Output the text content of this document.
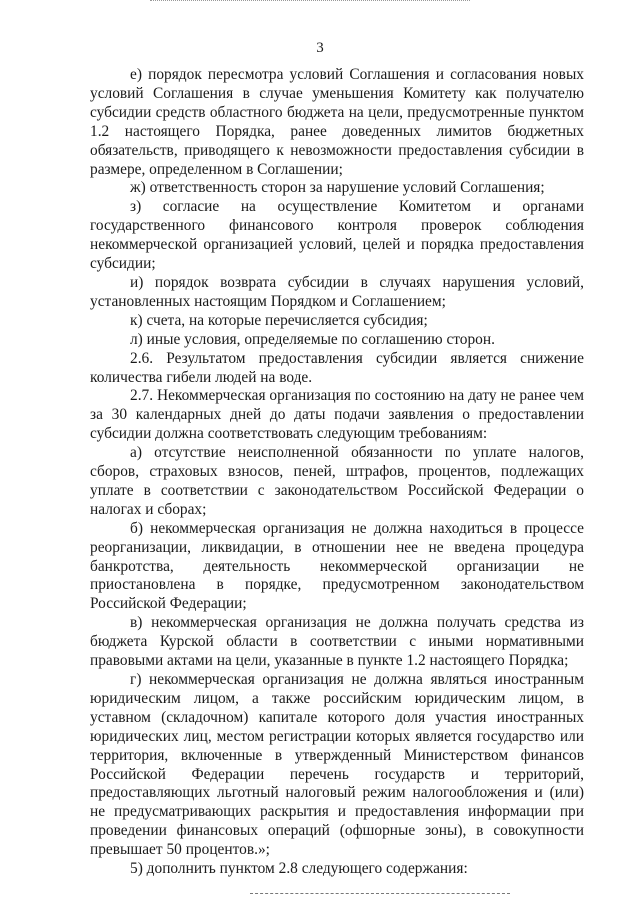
3

е) порядок пересмотра условий Соглашения и согласования новых условий Соглашения в случае уменьшения Комитету как получателю субсидии средств областного бюджета на цели, предусмотренные пунктом 1.2 настоящего Порядка, ранее доведенных лимитов бюджетных обязательств, приводящего к невозможности предоставления субсидии в размере, определенном в Соглашении;

ж) ответственность сторон за нарушение условий Соглашения;

з) согласие на осуществление Комитетом и органами государственного финансового контроля проверок соблюдения некоммерческой организацией условий, целей и порядка предоставления субсидии;

и) порядок возврата субсидии в случаях нарушения условий, установленных настоящим Порядком и Соглашением;

к) счета, на которые перечисляется субсидия;

л) иные условия, определяемые по соглашению сторон.

2.6. Результатом предоставления субсидии является снижение количества гибели людей на воде.

2.7. Некоммерческая организация по состоянию на дату не ранее чем за 30 календарных дней до даты подачи заявления о предоставлении субсидии должна соответствовать следующим требованиям:

а) отсутствие неисполненной обязанности по уплате налогов, сборов, страховых взносов, пеней, штрафов, процентов, подлежащих уплате в соответствии с законодательством Российской Федерации о налогах и сборах;

б) некоммерческая организация не должна находиться в процессе реорганизации, ликвидации, в отношении нее не введена процедура банкротства, деятельность некоммерческой организации не приостановлена в порядке, предусмотренном законодательством Российской Федерации;

в) некоммерческая организация не должна получать средства из бюджета Курской области в соответствии с иными нормативными правовыми актами на цели, указанные в пункте 1.2 настоящего Порядка;

г) некоммерческая организация не должна являться иностранным юридическим лицом, а также российским юридическим лицом, в уставном (складочном) капитале которого доля участия иностранных юридических лиц, местом регистрации которых является государство или территория, включенные в утвержденный Министерством финансов Российской Федерации перечень государств и территорий, предоставляющих льготный налоговый режим налогообложения и (или) не предусматривающих раскрытия и предоставления информации при проведении финансовых операций (офшорные зоны), в совокупности превышает 50 процентов.»;

5) дополнить пунктом 2.8 следующего содержания:
